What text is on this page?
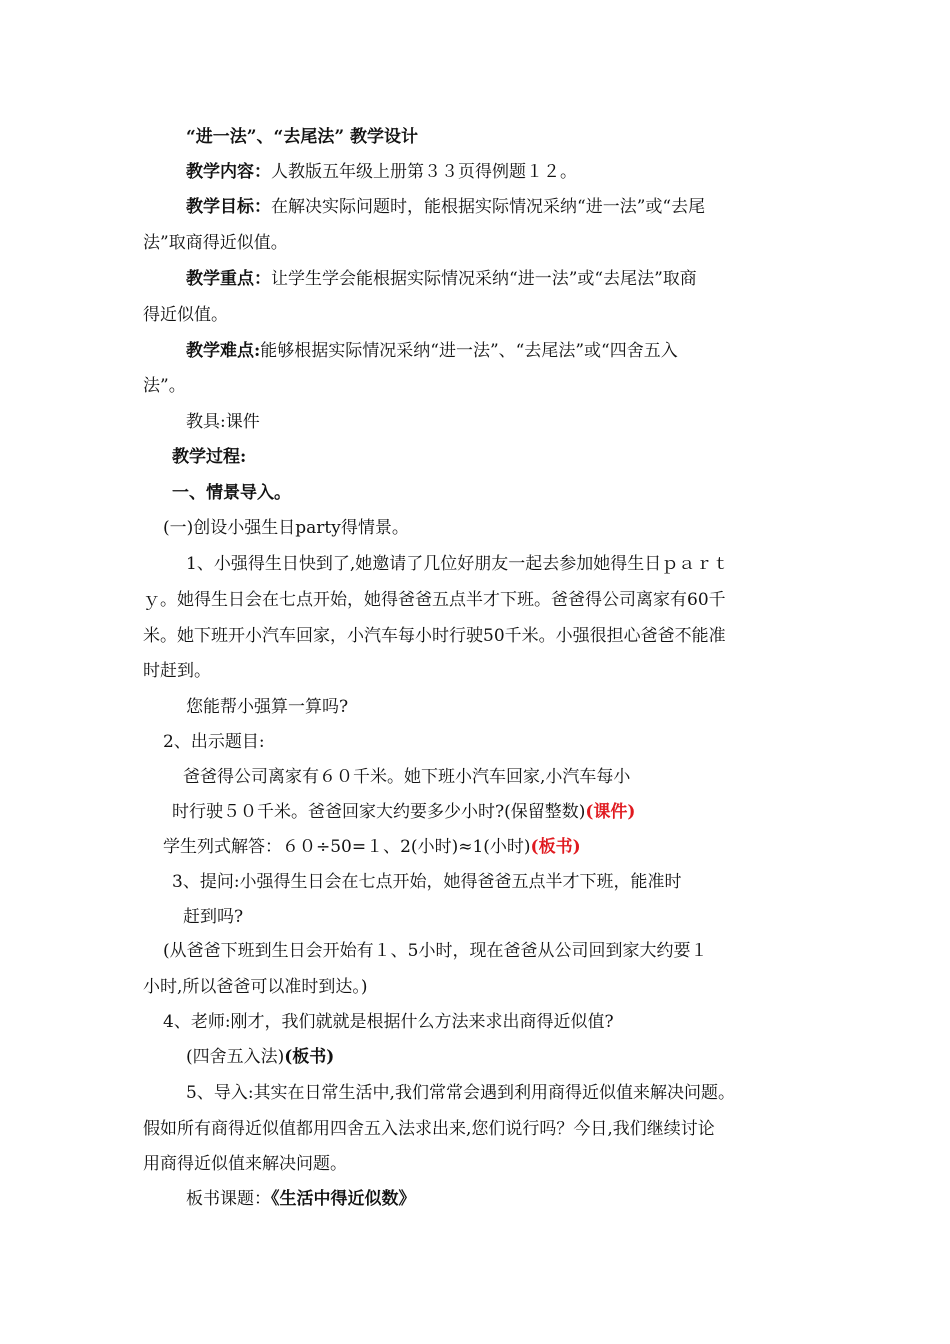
“进一法”、“去尾法” 教学设计
教学内容：人教版五年级上册第３３页得例题１２。
教学目标：在解决实际问题时，能根据实际情况采纳“进一法”或“去尾
法”取商得近似值。
教学重点：让学生学会能根据实际情况采纳“进一法”或“去尾法”取商
得近似值。
教学难点:能够根据实际情况采纳“进一法”、“去尾法”或“四舍五入
法”。
教具:课件
教学过程:
一、情景导入。
(一)创设小强生日party得情景。
1、小强得生日快到了,她邀请了几位好朋友一起去参加她得生日ｐａｒｔ
ｙ。她得生日会在七点开始，她得爸爸五点半才下班。爸爸得公司离家有60千
米。她下班开小汽车回家，小汽车每小时行驶50千米。小强很担心爸爸不能准
时赶到。
您能帮小强算一算吗?
2、出示题目:
爸爸得公司离家有６０千米。她下班小汽车回家,小汽车每小
时行驶５０千米。爸爸回家大约要多少小时?(保留整数)(课件)
学生列式解答：６０÷50=１、2(小时)≈1(小时)(板书)
3、提问:小强得生日会在七点开始，她得爸爸五点半才下班，能准时
赶到吗?
(从爸爸下班到生日会开始有１、5小时，现在爸爸从公司回到家大约要１
小时,所以爸爸可以准时到达。)
4、老师:刚才，我们就就是根据什么方法来求出商得近似值?
(四舍五入法)(板书)
5、导入:其实在日常生活中,我们常常会遇到利用商得近似值来解决问题。
假如所有商得近似值都用四舍五入法求出来,您们说行吗？今日,我们继续讨论
用商得近似值来解决问题。
板书课题：《生活中得近似数》
